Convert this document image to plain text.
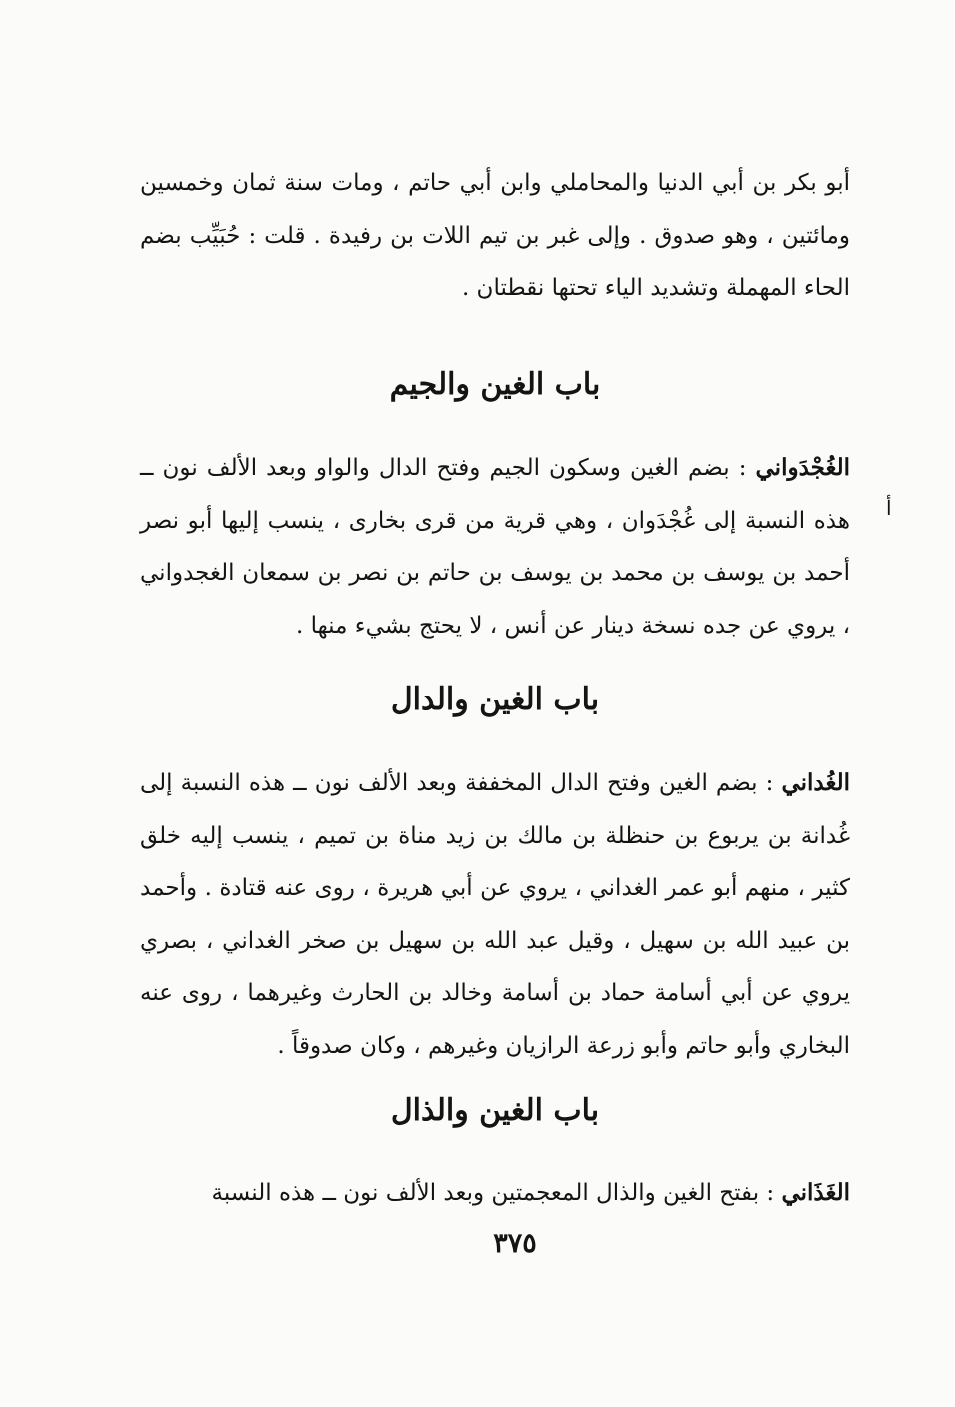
أبو بكر بن أبي الدنيا والمحاملي وابن أبي حاتم ، ومات سنة ثمان وخمسين ومائتين ، وهو صدوق . وإلى غبر بن تيم اللات بن رفيدة . قلت : حُبَيِّب بضم الحاء المهملة وتشديد الياء تحتها نقطتان .
باب الغين والجيم
الغُجْدَواني : بضم الغين وسكون الجيم وفتح الدال والواو وبعد الألف نون ــ هذه النسبة إلى غُجْدَوان ، وهي قرية من قرى بخارى ، ينسب إليها أبو نصر أحمد بن يوسف بن محمد بن يوسف بن حاتم بن نصر بن سمعان الغجدواني ، يروي عن جده نسخة دينار عن أنس ، لا يحتج بشيء منها .
أ
باب الغين والدال
الغُداني : بضم الغين وفتح الدال المخففة وبعد الألف نون ــ هذه النسبة إلى غُدانة بن يربوع بن حنظلة بن مالك بن زيد مناة بن تميم ، ينسب إليه خلق كثير ، منهم أبو عمر الغداني ، يروي عن أبي هريرة ، روى عنه قتادة . وأحمد بن عبيد الله بن سهيل ، وقيل عبد الله بن سهيل بن صخر الغداني ، بصري يروي عن أبي أسامة حماد بن أسامة وخالد بن الحارث وغيرهما ، روى عنه البخاري وأبو حاتم وأبو زرعة الرازيان وغيرهم ، وكان صدوقاً .
باب الغين والذال
الغَذَاني : بفتح الغين والذال المعجمتين وبعد الألف نون ــ هذه النسبة
٣٧٥
